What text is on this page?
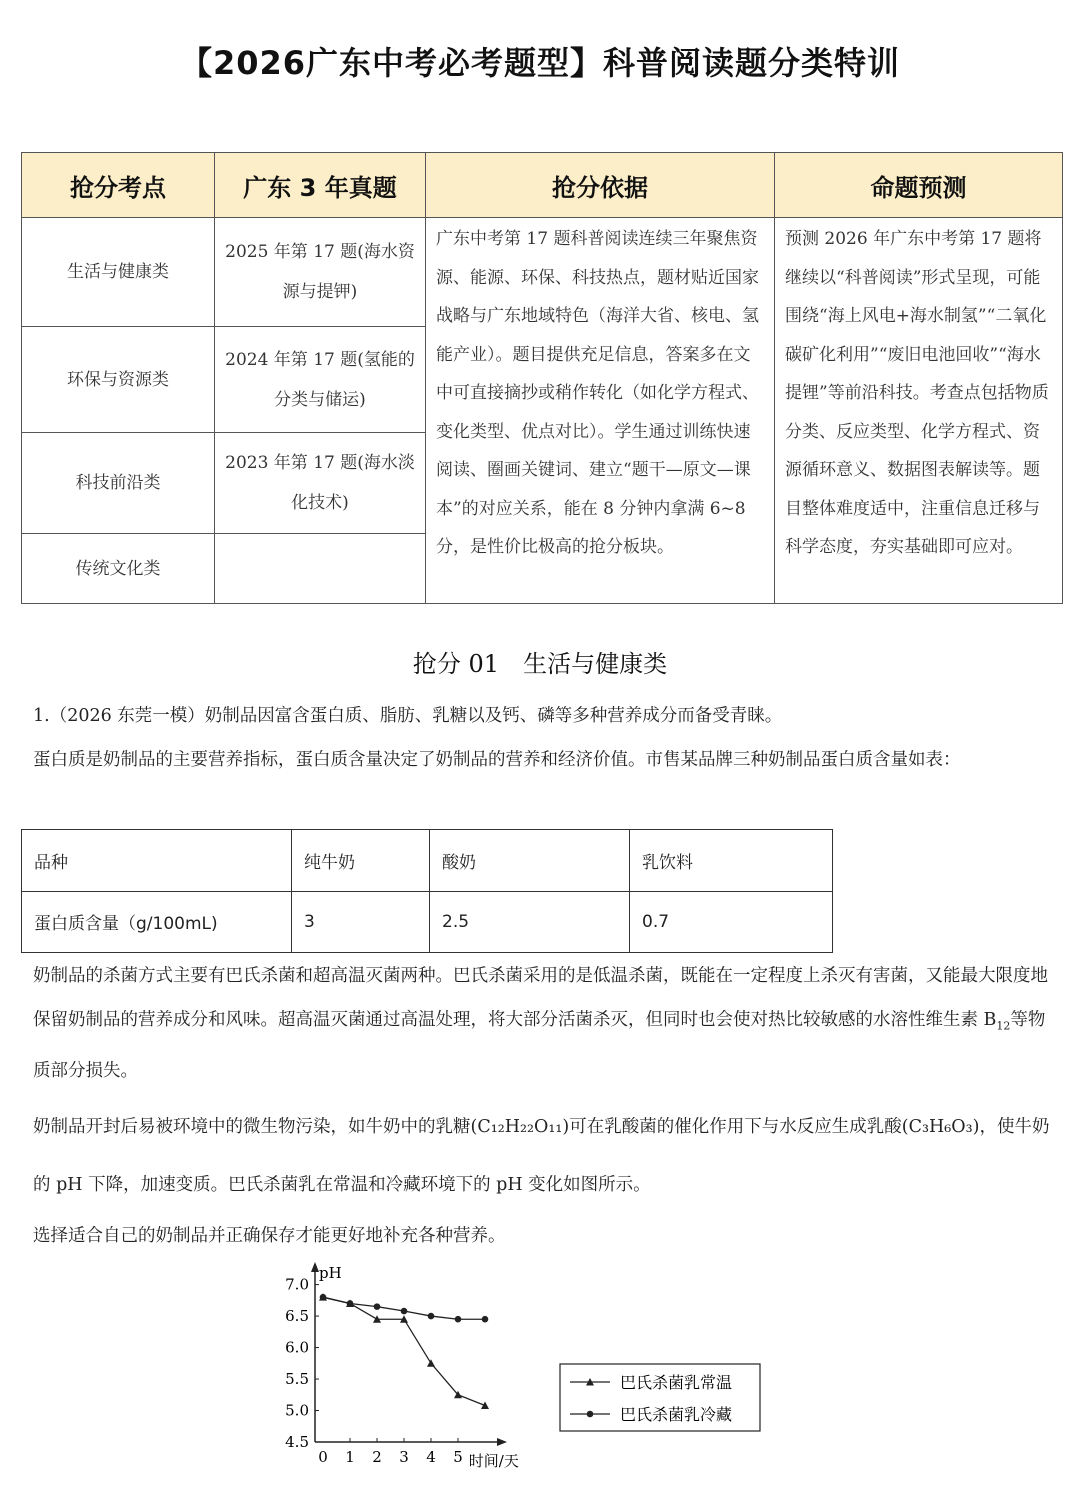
【2026广东中考必考题型】科普阅读题分类特训
抢分考点	广东 3 年真题	抢分依据	命题预测
生活与健康类	2025 年第 17 题(海水资源与提钾)	广东中考第 17 题科普阅读连续三年聚焦资源、能源、环保、科技热点，题材贴近国家战略与广东地域特色（海洋大省、核电、氢能产业）。题目提供充足信息，答案多在文中可直接摘抄或稍作转化（如化学方程式、变化类型、优点对比）。学生通过训练快速阅读、圈画关键词、建立“题干—原文—课本”的对应关系，能在 8 分钟内拿满 6~8 分，是性价比极高的抢分板块。	预测 2026 年广东中考第 17 题将继续以“科普阅读”形式呈现，可能围绕“海上风电+海水制氢”“二氧化碳矿化利用”“废旧电池回收”“海水提锂”等前沿科技。考查点包括物质分类、反应类型、化学方程式、资源循环意义、数据图表解读等。题目整体难度适中，注重信息迁移与科学态度，夯实基础即可应对。
环保与资源类	2024 年第 17 题(氢能的分类与储运)		
科技前沿类	2023 年第 17 题(海水淡化技术)		
传统文化类			
抢分 01　生活与健康类

1.（2026 东莞一模）奶制品因富含蛋白质、脂肪、乳糖以及钙、磷等多种营养成分而备受青睐。

蛋白质是奶制品的主要营养指标，蛋白质含量决定了奶制品的营养和经济价值。市售某品牌三种奶制品蛋白质含量如表：

品种	纯牛奶	酸奶	乳饮料
蛋白质含量（g/100mL)	3	2.5	0.7

奶制品的杀菌方式主要有巴氏杀菌和超高温灭菌两种。巴氏杀菌采用的是低温杀菌，既能在一定程度上杀灭有害菌，又能最大限度地保留奶制品的营养成分和风味。超高温灭菌通过高温处理，将大部分活菌杀灭，但同时也会使对热比较敏感的水溶性维生素 $B_{12}$等物质部分损失。

奶制品开封后易被环境中的微生物污染，如牛奶中的乳糖(C₁₂H₂₂O₁₁)可在乳酸菌的催化作用下与水反应生成乳酸(C₃H₆O₃)，使牛奶的 pH 下降，加速变质。巴氏杀菌乳在常温和冷藏环境下的 pH 变化如图所示。

选择适合自己的奶制品并正确保存才能更好地补充各种营养。

pH
时间/天
7.0
6.5
6.0
5.5
5.0
4.5
0 1 2 3 4 5
巴氏杀菌乳常温
巴氏杀菌乳冷藏
